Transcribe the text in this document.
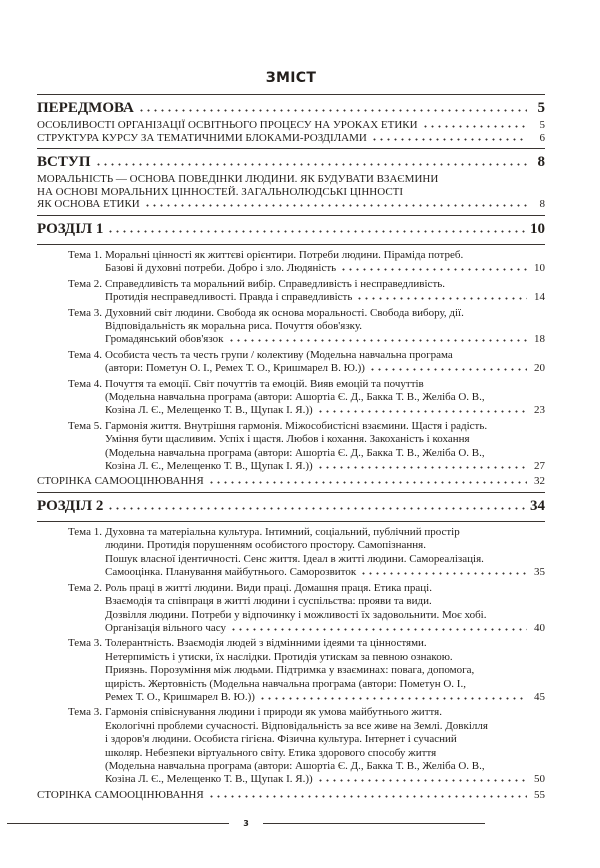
ЗМІСТ
ПЕРЕДМОВА	5
ОСОБЛИВОСТІ ОРГАНІЗАЦІЇ ОСВІТНЬОГО ПРОЦЕСУ НА УРОКАХ ЕТИКИ	5
СТРУКТУРА КУРСУ ЗА ТЕМАТИЧНИМИ БЛОКАМИ-РОЗДІЛАМИ	6
ВСТУП	8
МОРАЛЬНІСТЬ — ОСНОВА ПОВЕДІНКИ ЛЮДИНИ. ЯК БУДУВАТИ ВЗАЄМИНИ
НА ОСНОВІ МОРАЛЬНИХ ЦІННОСТЕЙ. ЗАГАЛЬНОЛЮДСЬКІ ЦІННОСТІ
ЯК ОСНОВА ЕТИКИ	8
РОЗДІЛ 1	10
Тема 1. Моральні цінності як життєві орієнтири. Потреби людини. Піраміда потреб.
Базові й духовні потреби. Добро і зло. Людяність	10
Тема 2. Справедливість та моральний вибір. Справедливість і несправедливість.
Протидія несправедливості. Правда і справедливість	14
Тема 3. Духовний світ людини. Свобода як основа моральності. Свобода вибору, дії.
Відповідальність як моральна риса. Почуття обов'язку.
Громадянський обов'язок	18
Тема 4. Особиста честь та честь групи / колективу (Модельна навчальна програма
(автори: Пометун О. І., Ремех Т. О., Кришмарел В. Ю.))	20
Тема 4. Почуття та емоції. Світ почуттів та емоцій. Вияв емоцій та почуттів
(Модельна навчальна програма (автори: Ашортіа Є. Д., Бакка Т. В., Желіба О. В.,
Козіна Л. Є., Мелещенко Т. В., Щупак І. Я.))	23
Тема 5. Гармонія життя. Внутрішня гармонія. Міжособистісні взаємини. Щастя і радість.
Уміння бути щасливим. Успіх і щастя. Любов і кохання. Закоханість і кохання
(Модельна навчальна програма (автори: Ашортіа Є. Д., Бакка Т. В., Желіба О. В.,
Козіна Л. Є., Мелещенко Т. В., Щупак І. Я.))	27
СТОРІНКА САМООЦІНЮВАННЯ	32
РОЗДІЛ 2	34
Тема 1. Духовна та матеріальна культура. Інтимний, соціальний, публічний простір
людини. Протидія порушенням особистого простору. Самопізнання.
Пошук власної ідентичності. Сенс життя. Ідеал в житті людини. Самореалізація.
Самооцінка. Планування майбутнього. Саморозвиток	35
Тема 2. Роль праці в житті людини. Види праці. Домашня праця. Етика праці.
Взаємодія та співпраця в житті людини і суспільства: прояви та види.
Дозвілля людини. Потреби у відпочинку і можливості їх задовольнити. Моє хобі.
Організація вільного часу	40
Тема 3. Толерантність. Взаємодія людей з відмінними ідеями та цінностями.
Нетерпимість і утиски, їх наслідки. Протидія утискам за певною ознакою.
Приязнь. Порозуміння між людьми. Підтримка у взаєминах: повага, допомога,
щирість. Жертовність (Модельна навчальна програма (автори: Пометун О. І.,
Ремех Т. О., Кришмарел В. Ю.))	45
Тема 3. Гармонія співіснування людини і природи як умова майбутнього життя.
Екологічні проблеми сучасності. Відповідальність за все живе на Землі. Довкілля
і здоров'я людини. Особиста гігієна. Фізична культура. Інтернет і сучасний
школяр. Небезпеки віртуального світу. Етика здорового способу життя
(Модельна навчальна програма (автори: Ашортіа Є. Д., Бакка Т. В., Желіба О. В.,
Козіна Л. Є., Мелещенко Т. В., Щупак І. Я.))	50
СТОРІНКА САМООЦІНЮВАННЯ	55
3
